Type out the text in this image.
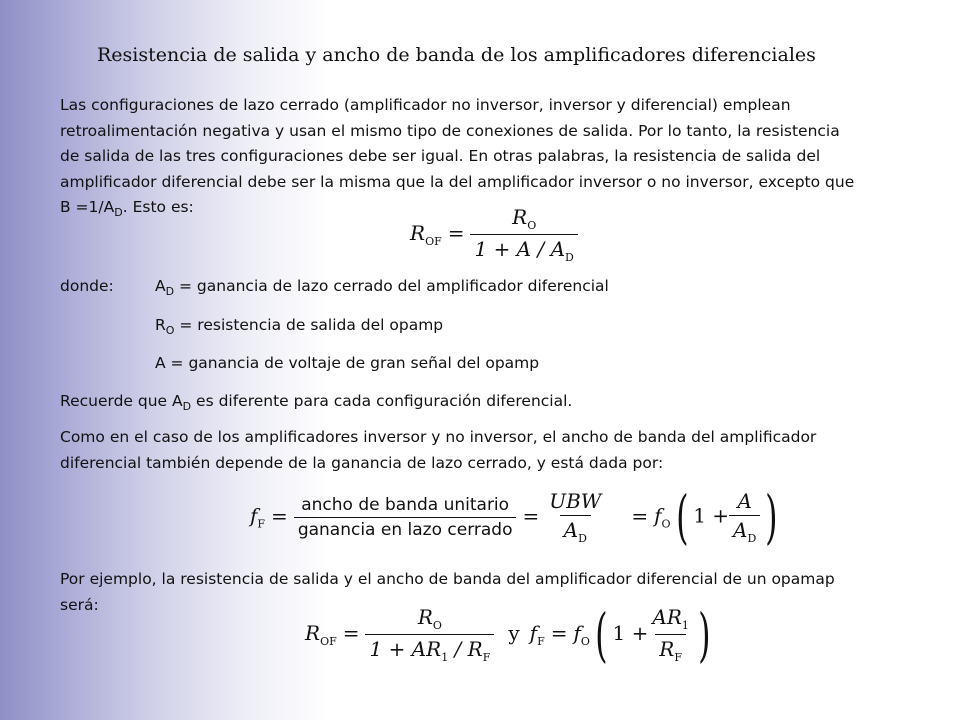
Resistencia de salida y ancho de banda de los amplificadores diferenciales
Las configuraciones de lazo cerrado (amplificador no inversor, inversor y diferencial) emplean
retroalimentación negativa y usan el mismo tipo de conexiones de salida. Por lo tanto, la resistencia
de salida de las tres configuraciones debe ser igual. En otras palabras, la resistencia de salida del
amplificador diferencial debe ser la misma que la del amplificador inversor o no inversor, excepto que
$B =1/A_D$. Esto es:
$R_{OF} = \frac{R_O}{1 + A / A_D}$
donde:	$A_D$ = ganancia de lazo cerrado del amplificador diferencial
$R_O$ = resistencia de salida del opamp
A = ganancia de voltaje de gran señal del opamp
Recuerde que $A_D$ es diferente para cada configuración diferencial.
Como en el caso de los amplificadores inversor y no inversor, el ancho de banda del amplificador
diferencial también depende de la ganancia de lazo cerrado, y está dada por:
$f_F = \frac{\text{ancho de banda unitario}}{\text{ganancia en lazo cerrado}} = \frac{\text{UBW}}{A_D} = f_O$( $1 + \frac{A}{A_D}$ )
Por ejemplo, la resistencia de salida y el ancho de banda del amplificador diferencial de un opamap
será:
$R_{OF} = \frac{R_O}{1 + AR_1 / R_F}$ y $f_F = f_O$( $1 + \frac{AR_1}{R_F}$ )
